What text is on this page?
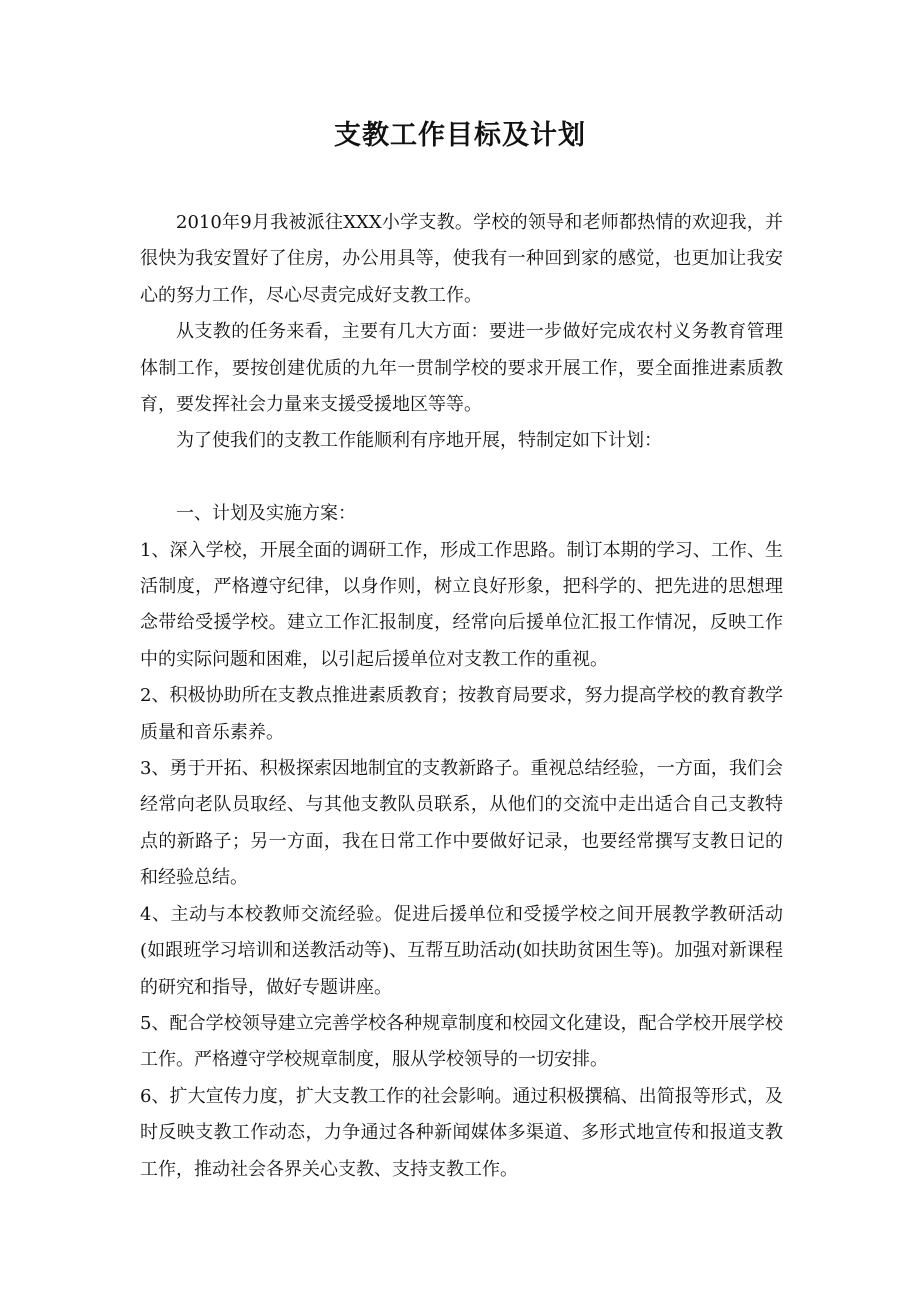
支教工作目标及计划

2010年9月我被派往XXX小学支教。学校的领导和老师都热情的欢迎我，并很快为我安置好了住房，办公用具等，使我有一种回到家的感觉，也更加让我安心的努力工作，尽心尽责完成好支教工作。

从支教的任务来看，主要有几大方面：要进一步做好完成农村义务教育管理体制工作，要按创建优质的九年一贯制学校的要求开展工作，要全面推进素质教育，要发挥社会力量来支援受援地区等等。

为了使我们的支教工作能顺利有序地开展，特制定如下计划：

一、计划及实施方案：

1、深入学校，开展全面的调研工作，形成工作思路。制订本期的学习、工作、生活制度，严格遵守纪律，以身作则，树立良好形象，把科学的、把先进的思想理念带给受援学校。建立工作汇报制度，经常向后援单位汇报工作情况，反映工作中的实际问题和困难，以引起后援单位对支教工作的重视。

2、积极协助所在支教点推进素质教育；按教育局要求，努力提高学校的教育教学质量和音乐素养。

3、勇于开拓、积极探索因地制宜的支教新路子。重视总结经验，一方面，我们会经常向老队员取经、与其他支教队员联系，从他们的交流中走出适合自己支教特点的新路子；另一方面，我在日常工作中要做好记录，也要经常撰写支教日记的和经验总结。

4、主动与本校教师交流经验。促进后援单位和受援学校之间开展教学教研活动(如跟班学习培训和送教活动等)、互帮互助活动(如扶助贫困生等)。加强对新课程的研究和指导，做好专题讲座。

5、配合学校领导建立完善学校各种规章制度和校园文化建设，配合学校开展学校工作。严格遵守学校规章制度，服从学校领导的一切安排。

6、扩大宣传力度，扩大支教工作的社会影响。通过积极撰稿、出简报等形式，及时反映支教工作动态，力争通过各种新闻媒体多渠道、多形式地宣传和报道支教工作，推动社会各界关心支教、支持支教工作。
